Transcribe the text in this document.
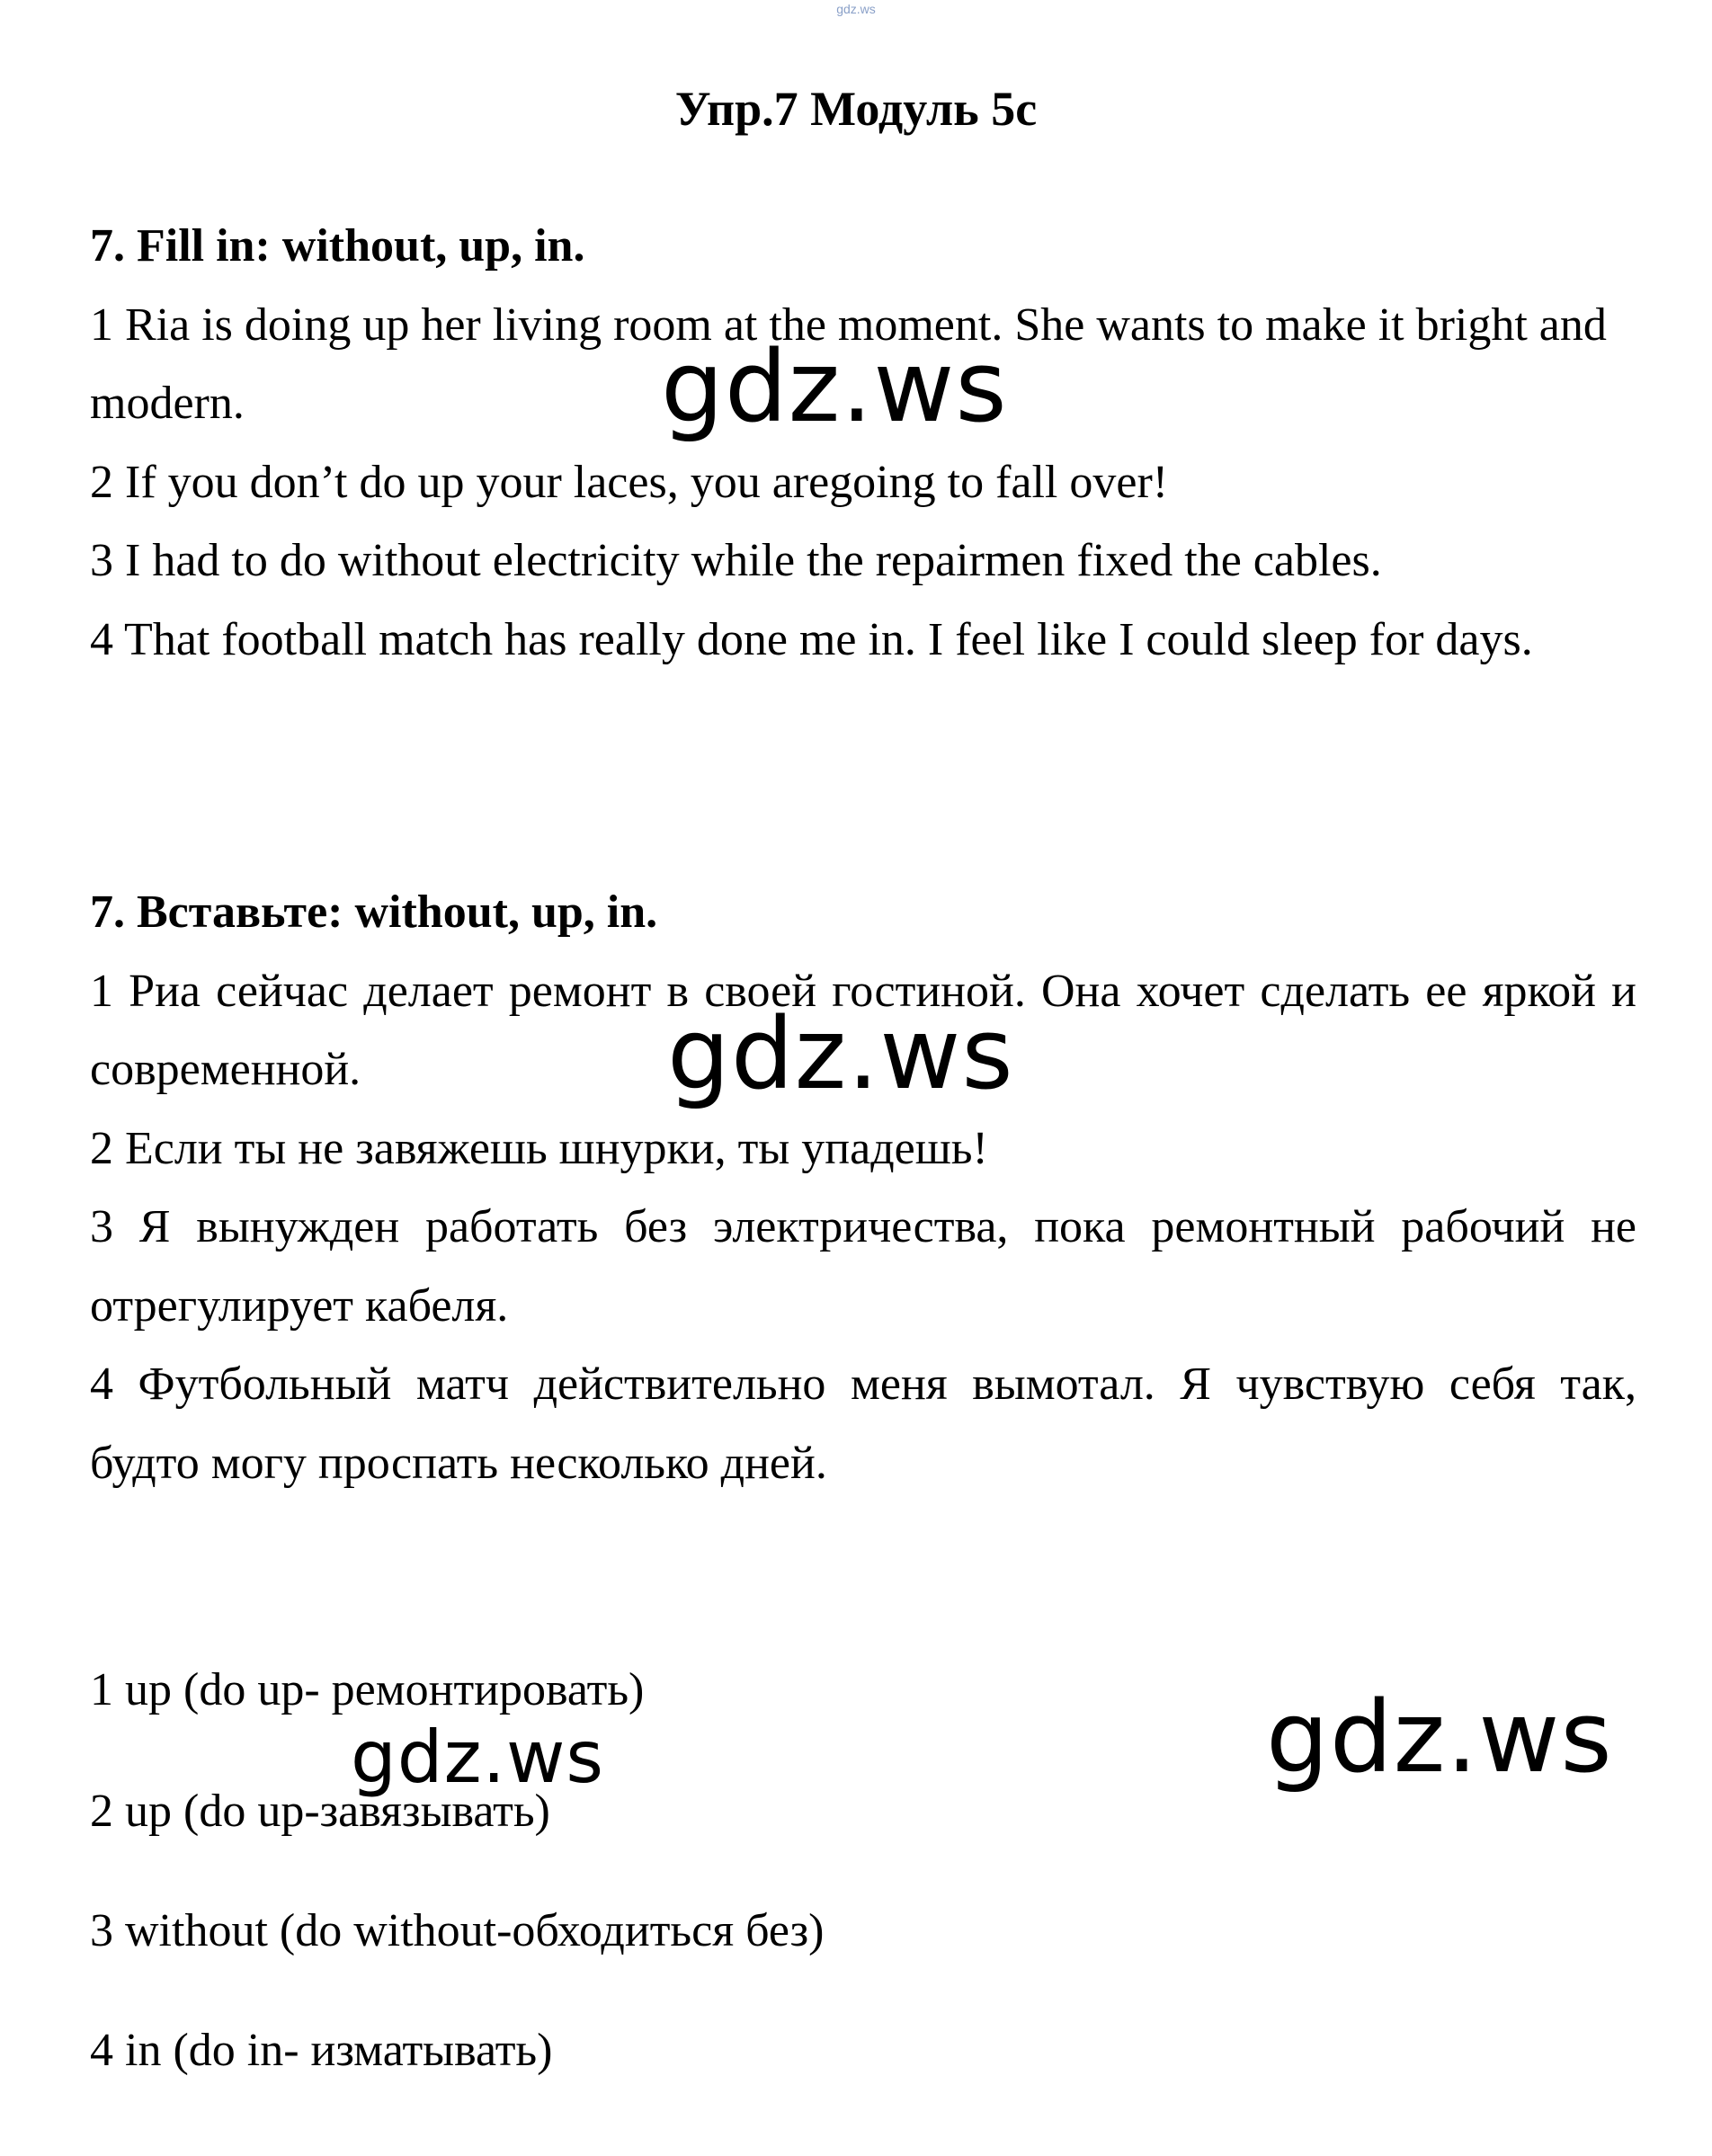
gdz.ws
Упр.7 Модуль 5c

7. Fill in: without, up, in.

1 Ria is doing up her living room at the moment. She wants to make it bright and modern.

2 If you don’t do up your laces, you aregoing to fall over!

3 I had to do without electricity while the repairmen fixed the cables.

4 That football match has really done me in. I feel like I could sleep for days.

7. Вставьте: without, up, in.

1 Риа сейчас делает ремонт в своей гостиной. Она хочет сделать ее яркой и современной.

2 Если ты не завяжешь шнурки, ты упадешь!

3 Я вынужден работать без электричества, пока ремонтный рабочий не отрегулирует кабеля.

4 Футбольный матч действительно меня вымотал. Я чувствую себя так, будто могу проспать несколько дней.

1 up (do up- ремонтировать)

2 up (do up-завязывать)

3 without (do without-обходиться без)

4 in (do in- изматывать)

gdz.ws
gdz.ws
gdz.ws	gdz.ws
